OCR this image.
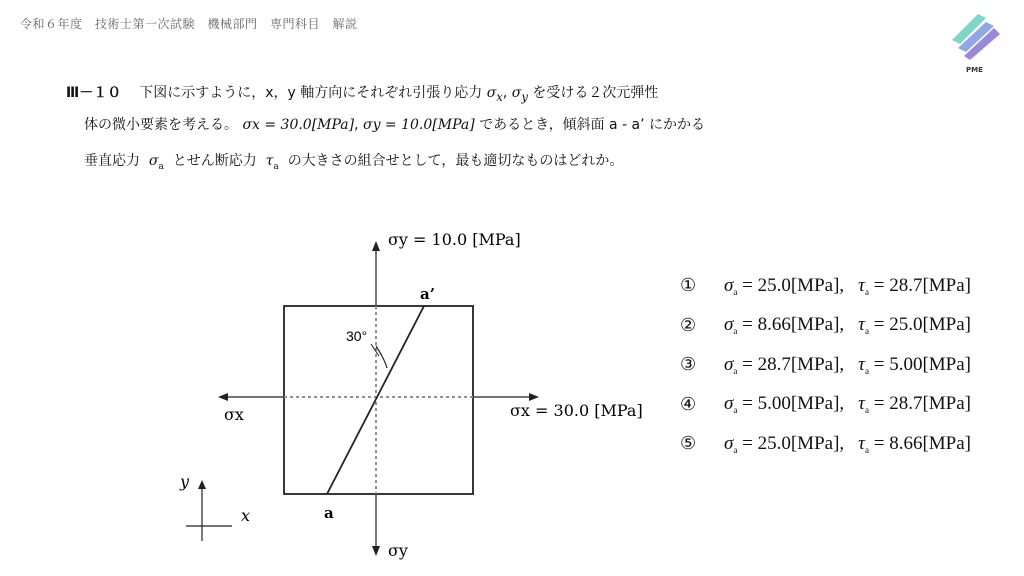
令和６年度　技術士第一次試験　機械部門　専門科目　解説
PME
Ⅲ－１０ 下図に示すように，x，y 軸方向にそれぞれ引張り応力 $\sigma_x$, $\sigma_y$ を受ける２次元弾性
体の微小要素を考える。 σx = 30.0[MPa], σy = 10.0[MPa] であるとき，傾斜面 a - a’ にかかる
垂直応力  $\sigma_a$ とせん断応力  $\tau_a$ の大きさの組合せとして，最も適切なものはどれか。
σy = 10.0 [MPa]
σy
σx = 30.0 [MPa]
σx
30°
a
a’
y
x
①	$\sigma_a = 25.0[MPa]$, $\tau_a = 28.7[MPa]$
②	$\sigma_a = 8.66[MPa]$, $\tau_a = 25.0[MPa]$
③	$\sigma_a = 28.7[MPa]$, $\tau_a = 5.00[MPa]$
④	$\sigma_a = 5.00[MPa]$, $\tau_a = 28.7[MPa]$
⑤	$\sigma_a = 25.0[MPa]$, $\tau_a = 8.66[MPa]$
